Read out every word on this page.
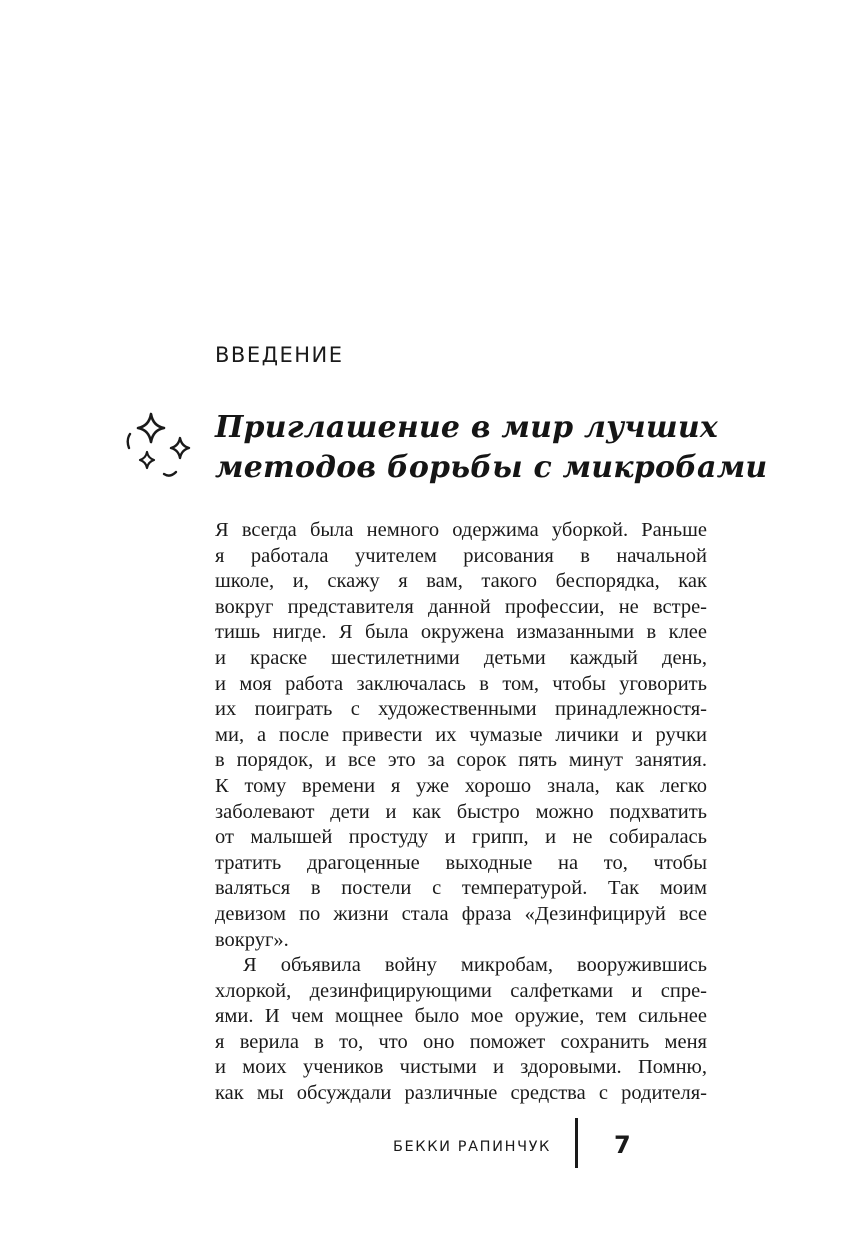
ВВЕДЕНИЕ
Приглашение в мир лучших
методов борьбы с микробами
Я всегда была немного одержима уборкой. Раньше
я работала учителем рисования в начальной
школе, и, скажу я вам, такого беспорядка, как
вокруг представителя данной профессии, не встре-
тишь нигде. Я была окружена измазанными в клее
и краске шестилетними детьми каждый день,
и моя работа заключалась в том, чтобы уговорить
их поиграть с художественными принадлежностя-
ми, а после привести их чумазые личики и ручки
в порядок, и все это за сорок пять минут занятия.
К тому времени я уже хорошо знала, как легко
заболевают дети и как быстро можно подхватить
от малышей простуду и грипп, и не собиралась
тратить драгоценные выходные на то, чтобы
валяться в постели с температурой. Так моим
девизом по жизни стала фраза «Дезинфицируй все
вокруг».
Я объявила войну микробам, вооружившись
хлоркой, дезинфицирующими салфетками и спре-
ями. И чем мощнее было мое оружие, тем сильнее
я верила в то, что оно поможет сохранить меня
и моих учеников чистыми и здоровыми. Помню,
как мы обсуждали различные средства с родителя-
БЕККИ РАПИНЧУК	7
